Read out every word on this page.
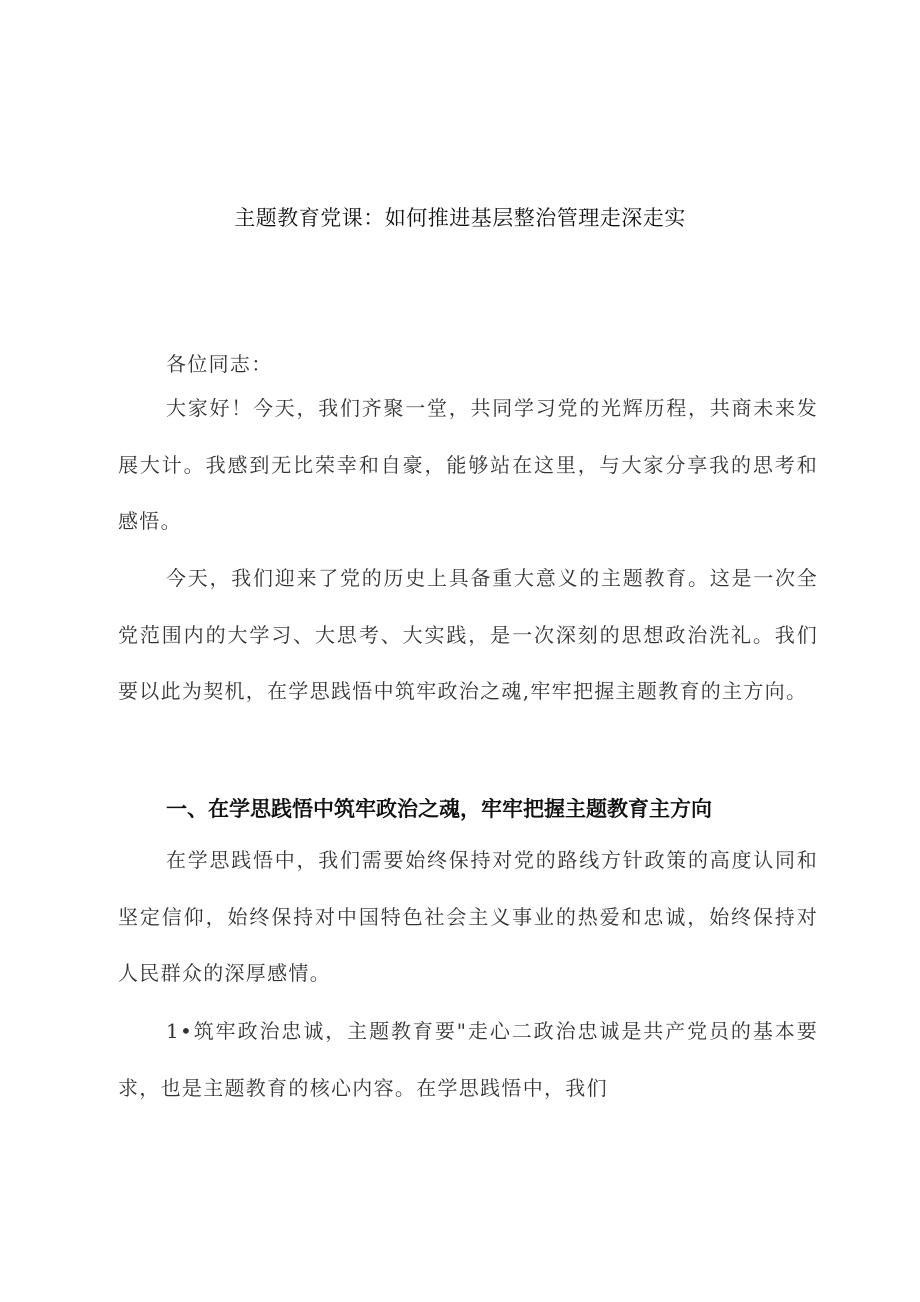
主题教育党课：如何推进基层整治管理走深走实

各位同志：

大家好！今天，我们齐聚一堂，共同学习党的光辉历程，共商未来发展大计。我感到无比荣幸和自豪，能够站在这里，与大家分享我的思考和感悟。

今天，我们迎来了党的历史上具备重大意义的主题教育。这是一次全党范围内的大学习、大思考、大实践，是一次深刻的思想政治洗礼。我们要以此为契机，在学思践悟中筑牢政治之魂,牢牢把握主题教育的主方向。

一、在学思践悟中筑牢政治之魂，牢牢把握主题教育主方向

在学思践悟中，我们需要始终保持对党的路线方针政策的高度认同和坚定信仰，始终保持对中国特色社会主义事业的热爱和忠诚，始终保持对人民群众的深厚感情。

1•筑牢政治忠诚，主题教育要"走心二政治忠诚是共产党员的基本要求，也是主题教育的核心内容。在学思践悟中，我们
